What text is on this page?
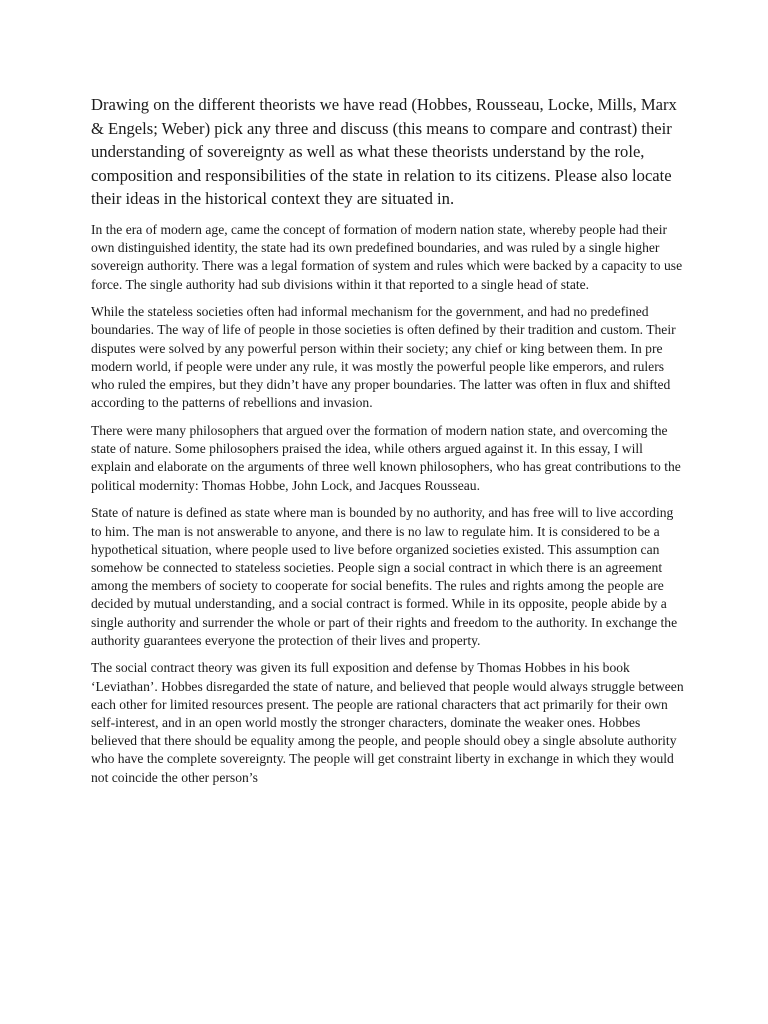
Drawing on the different theorists we have read (Hobbes, Rousseau, Locke, Mills, Marx & Engels; Weber) pick any three and discuss (this means to compare and contrast) their understanding of sovereignty as well as what these theorists understand by the role, composition and responsibilities of the state in relation to its citizens. Please also locate their ideas in the historical context they are situated in.

In the era of modern age, came the concept of formation of modern nation state, whereby people had their own distinguished identity, the state had its own predefined boundaries, and was ruled by a single higher sovereign authority. There was a legal formation of system and rules which were backed by a capacity to use force. The single authority had sub divisions within it that reported to a single head of state.

While the stateless societies often had informal mechanism for the government, and had no predefined boundaries. The way of life of people in those societies is often defined by their tradition and custom. Their disputes were solved by any powerful person within their society; any chief or king between them. In pre modern world, if people were under any rule, it was mostly the powerful people like emperors, and rulers who ruled the empires, but they didn’t have any proper boundaries. The latter was often in flux and shifted according to the patterns of rebellions and invasion.

There were many philosophers that argued over the formation of modern nation state, and overcoming the state of nature. Some philosophers praised the idea, while others argued against it. In this essay, I will explain and elaborate on the arguments of three well known philosophers, who has great contributions to the political modernity: Thomas Hobbe, John Lock, and Jacques Rousseau.

State of nature is defined as state where man is bounded by no authority, and has free will to live according to him. The man is not answerable to anyone, and there is no law to regulate him. It is considered to be a hypothetical situation, where people used to live before organized societies existed. This assumption can somehow be connected to stateless societies. People sign a social contract in which there is an agreement among the members of society to cooperate for social benefits. The rules and rights among the people are decided by mutual understanding, and a social contract is formed. While in its opposite, people abide by a single authority and surrender the whole or part of their rights and freedom to the authority. In exchange the authority guarantees everyone the protection of their lives and property.

The social contract theory was given its full exposition and defense by Thomas Hobbes in his book ‘Leviathan’. Hobbes disregarded the state of nature, and believed that people would always struggle between each other for limited resources present. The people are rational characters that act primarily for their own self-interest, and in an open world mostly the stronger characters, dominate the weaker ones. Hobbes believed that there should be equality among the people, and people should obey a single absolute authority who have the complete sovereignty. The people will get constraint liberty in exchange in which they would not coincide the other person’s
